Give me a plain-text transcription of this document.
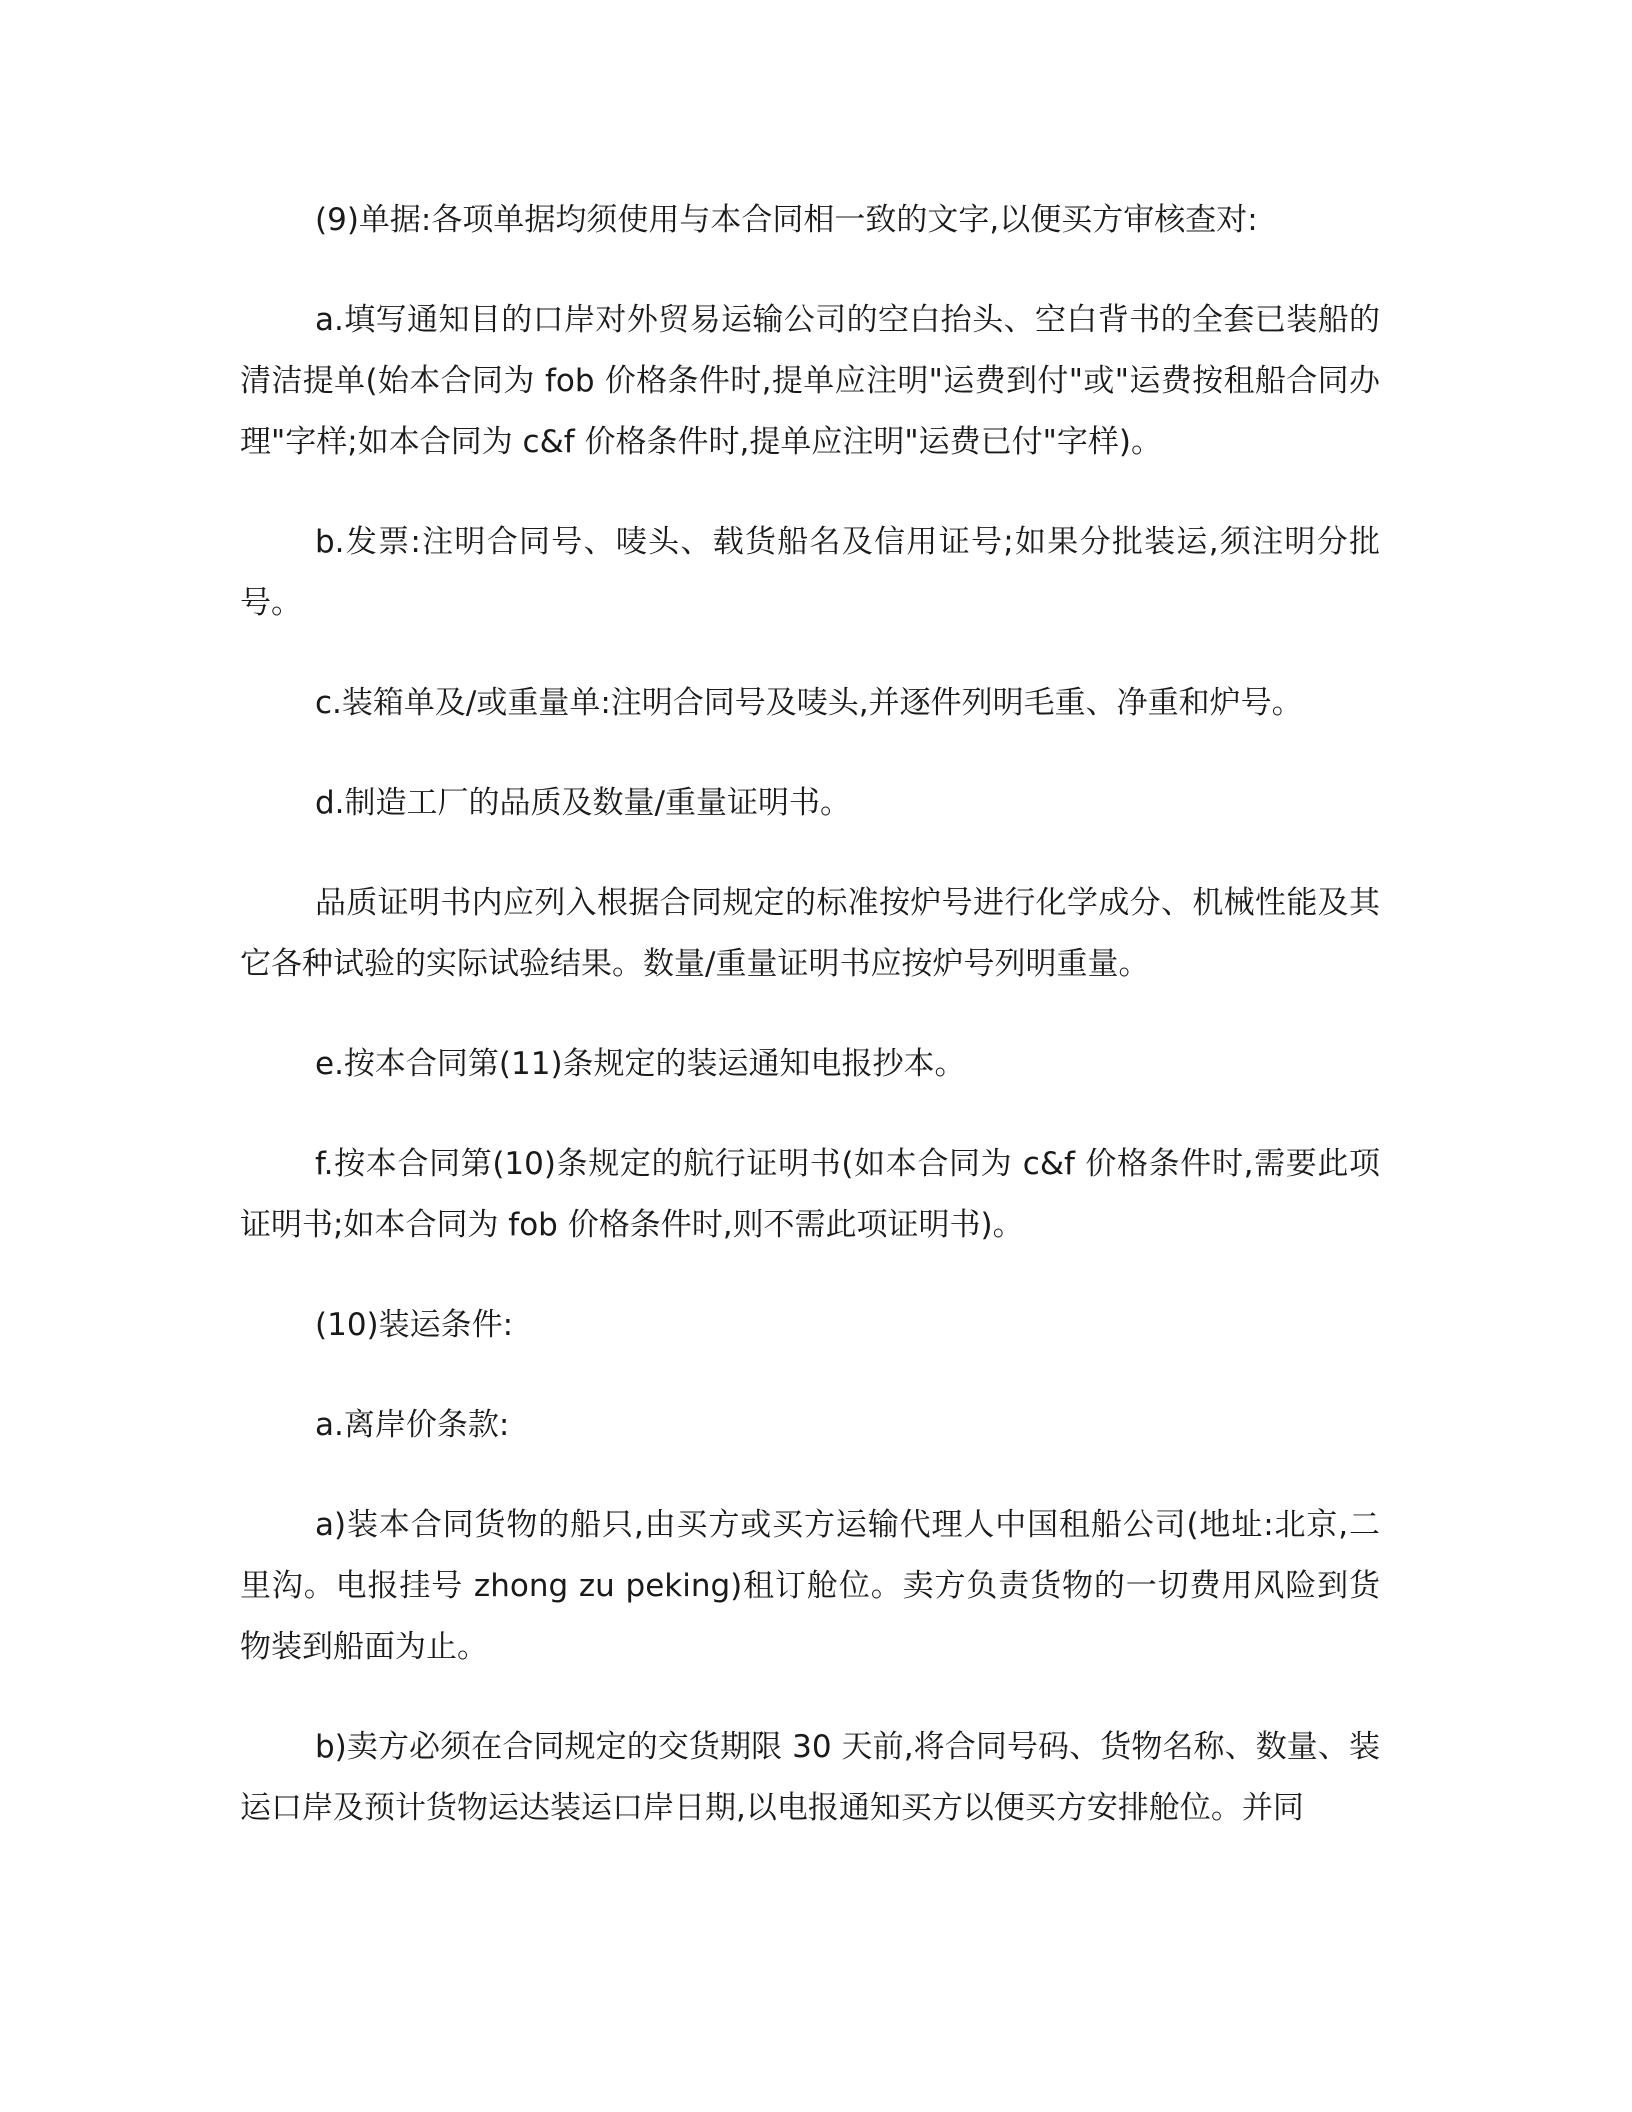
(9)单据:各项单据均须使用与本合同相一致的文字,以便买方审核查对:

a.填写通知目的口岸对外贸易运输公司的空白抬头、空白背书的全套已装船的清洁提单(始本合同为 fob 价格条件时,提单应注明"运费到付"或"运费按租船合同办理"字样;如本合同为 c&f 价格条件时,提单应注明"运费已付"字样)。

b.发票:注明合同号、唛头、载货船名及信用证号;如果分批装运,须注明分批号。

c.装箱单及/或重量单:注明合同号及唛头,并逐件列明毛重、净重和炉号。

d.制造工厂的品质及数量/重量证明书。

品质证明书内应列入根据合同规定的标准按炉号进行化学成分、机械性能及其它各种试验的实际试验结果。数量/重量证明书应按炉号列明重量。

e.按本合同第(11)条规定的装运通知电报抄本。

f.按本合同第(10)条规定的航行证明书(如本合同为 c&f 价格条件时,需要此项证明书;如本合同为 fob 价格条件时,则不需此项证明书)。

(10)装运条件:

a.离岸价条款:

a)装本合同货物的船只,由买方或买方运输代理人中国租船公司(地址:北京,二里沟。电报挂号 zhong zu peking)租订舱位。卖方负责货物的一切费用风险到货物装到船面为止。

b)卖方必须在合同规定的交货期限 30 天前,将合同号码、货物名称、数量、装运口岸及预计货物运达装运口岸日期,以电报通知买方以便买方安排舱位。并同
